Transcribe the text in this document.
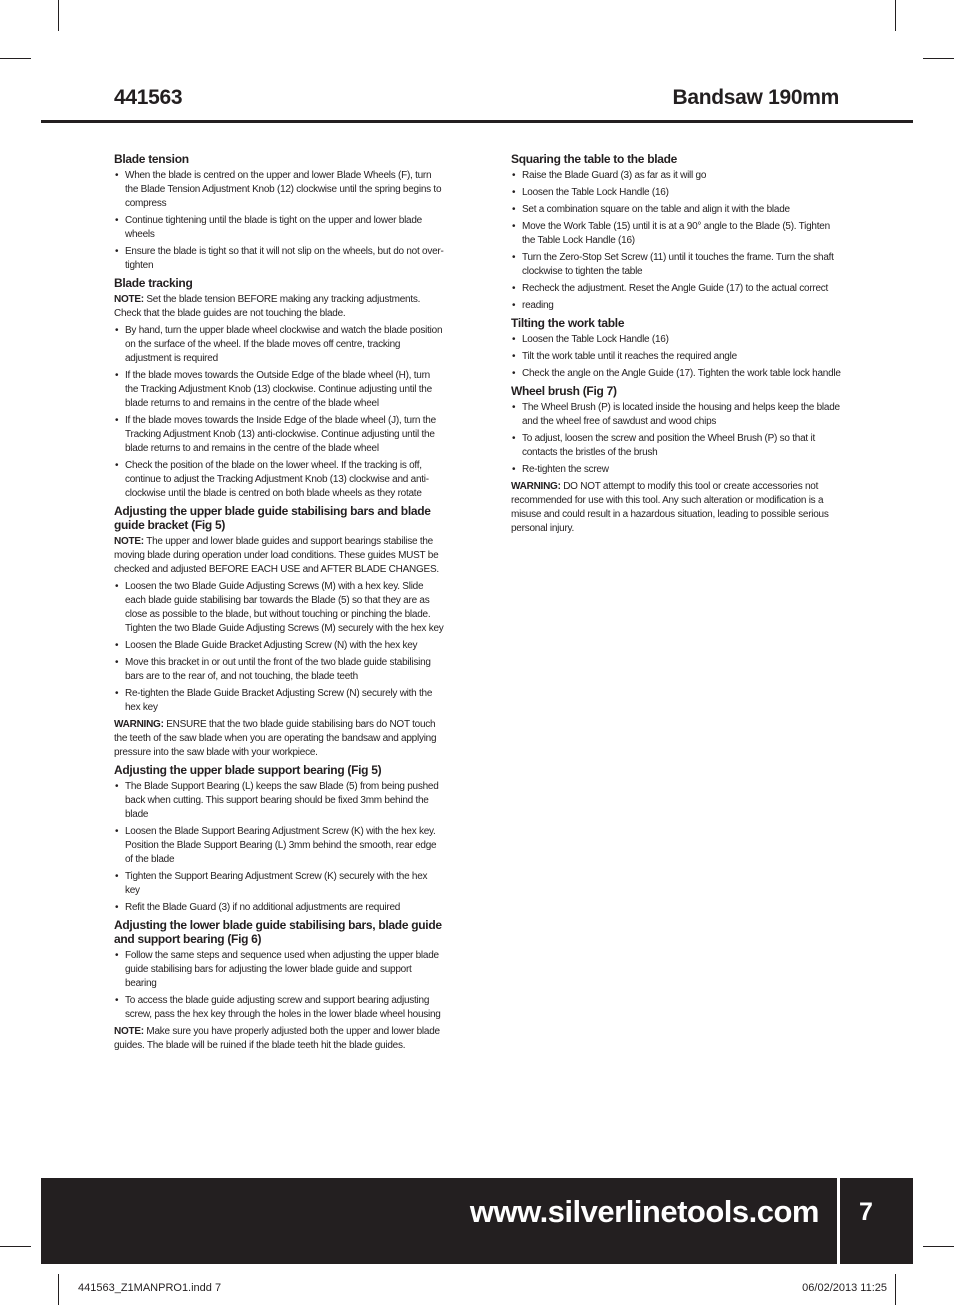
441563	Bandsaw 190mm
Blade tension
• When the blade is centred on the upper and lower Blade Wheels (F), turn the Blade Tension Adjustment Knob (12) clockwise until the spring begins to compress
• Continue tightening until the blade is tight on the upper and lower blade wheels
• Ensure the blade is tight so that it will not slip on the wheels, but do not over-tighten
Blade tracking

NOTE: Set the blade tension BEFORE making any tracking adjustments. Check that the blade guides are not touching the blade.

• By hand, turn the upper blade wheel clockwise and watch the blade position on the surface of the wheel. If the blade moves off centre, tracking adjustment is required
• If the blade moves towards the Outside Edge of the blade wheel (H), turn the Tracking Adjustment Knob (13) clockwise. Continue adjusting until the blade returns to and remains in the centre of the blade wheel
• If the blade moves towards the Inside Edge of the blade wheel (J), turn the Tracking Adjustment Knob (13) anti-clockwise. Continue adjusting until the blade returns to and remains in the centre of the blade wheel
• Check the position of the blade on the lower wheel. If the tracking is off, continue to adjust the Tracking Adjustment Knob (13) clockwise and anti-clockwise until the blade is centred on both blade wheels as they rotate
Adjusting the upper blade guide stabilising bars and blade guide bracket (Fig 5)

NOTE: The upper and lower blade guides and support bearings stabilise the moving blade during operation under load conditions. These guides MUST be checked and adjusted BEFORE EACH USE and AFTER BLADE CHANGES.

• Loosen the two Blade Guide Adjusting Screws (M) with a hex key. Slide each blade guide stabilising bar towards the Blade (5) so that they are as close as possible to the blade, but without touching or pinching the blade. Tighten the two Blade Guide Adjusting Screws (M) securely with the hex key
• Loosen the Blade Guide Bracket Adjusting Screw (N) with the hex key
• Move this bracket in or out until the front of the two blade guide stabilising bars are to the rear of, and not touching, the blade teeth
• Re-tighten the Blade Guide Bracket Adjusting Screw (N) securely with the hex key

WARNING: ENSURE that the two blade guide stabilising bars do NOT touch the teeth of the saw blade when you are operating the bandsaw and applying pressure into the saw blade with your workpiece.

Adjusting the upper blade support bearing (Fig 5)
• The Blade Support Bearing (L) keeps the saw Blade (5) from being pushed back when cutting. This support bearing should be fixed 3mm behind the blade
• Loosen the Blade Support Bearing Adjustment Screw (K) with the hex key. Position the Blade Support Bearing (L) 3mm behind the smooth, rear edge of the blade
• Tighten the Support Bearing Adjustment Screw (K) securely with the hex key
• Refit the Blade Guard (3) if no additional adjustments are required
Adjusting the lower blade guide stabilising bars, blade guide and support bearing (Fig 6)
• Follow the same steps and sequence used when adjusting the upper blade guide stabilising bars for adjusting the lower blade guide and support bearing
• To access the blade guide adjusting screw and support bearing adjusting screw, pass the hex key through the holes in the lower blade wheel housing

NOTE: Make sure you have properly adjusted both the upper and lower blade guides. The blade will be ruined if the blade teeth hit the blade guides.

Squaring the table to the blade
• Raise the Blade Guard (3) as far as it will go
• Loosen the Table Lock Handle (16)
• Set a combination square on the table and align it with the blade
• Move the Work Table (15) until it is at a 90° angle to the Blade (5). Tighten the Table Lock Handle (16)
• Turn the Zero-Stop Set Screw (11) until it touches the frame. Turn the shaft clockwise to tighten the table
• Recheck the adjustment. Reset the Angle Guide (17) to the actual correct
• reading
Tilting the work table
• Loosen the Table Lock Handle (16)
• Tilt the work table until it reaches the required angle
• Check the angle on the Angle Guide (17). Tighten the work table lock handle
Wheel brush (Fig 7)
• The Wheel Brush (P) is located inside the housing and helps keep the blade and the wheel free of sawdust and wood chips
• To adjust, loosen the screw and position the Wheel Brush (P) so that it contacts the bristles of the brush
• Re-tighten the screw

WARNING: DO NOT attempt to modify this tool or create accessories not recommended for use with this tool. Any such alteration or modification is a misuse and could result in a hazardous situation, leading to possible serious personal injury.

www.silverlinetools.com 7
441563_Z1MANPRO1.indd 7	06/02/2013 11:25
